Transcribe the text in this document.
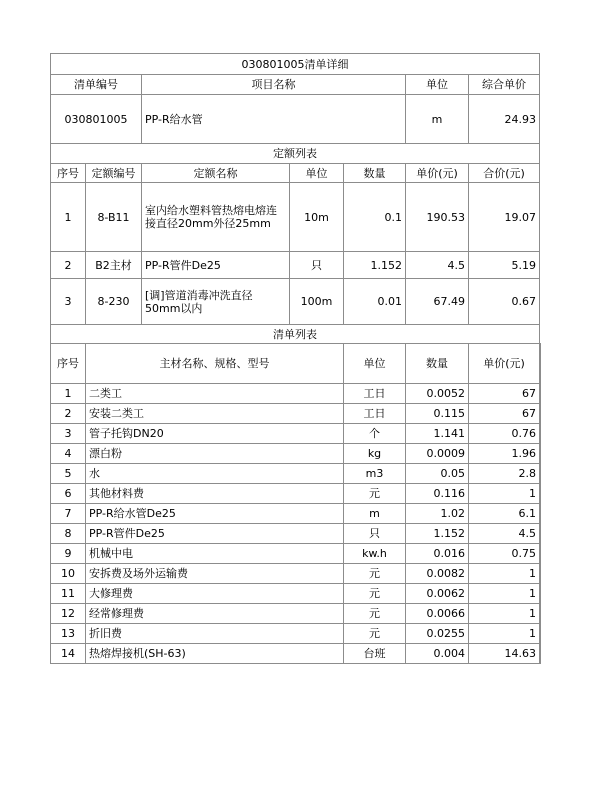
030801005清单详细							
清单编号		项目名称			单位	综合单价	
030801005		PP-R给水管			m	24.93	
定额列表							
序号	定额编号	定额名称	单位	数量	单价(元)	合价(元)	
1	8-B11	室内给水塑料管热熔电熔连接直径20mm外径25mm	10m	0.1	190.53	19.07	
2	B2主材	PP-R管件De25	只	1.152	4.5	5.19	
3	8-230	[调]管道消毒冲洗直径50mm以内	100m	0.01	67.49	0.67	
清单列表							
序号	主材名称、规格、型号			单位	数量	单价(元)	
1	二类工			工日	0.0052	67	
2	安装二类工			工日	0.115	67	
3	管子托钩DN20			个	1.141	0.76	
4	漂白粉			kg	0.0009	1.96	
5	水			m3	0.05	2.8	
6	其他材料费			元	0.116	1	
7	PP-R给水管De25			m	1.02	6.1	
8	PP-R管件De25			只	1.152	4.5	
9	机械中电			kw.h	0.016	0.75	
10	安拆费及场外运输费			元	0.0082	1	
11	大修理费			元	0.0062	1	
12	经常修理费			元	0.0066	1	
13	折旧费			元	0.0255	1	
14	热熔焊接机(SH-63)			台班	0.004	14.63	
